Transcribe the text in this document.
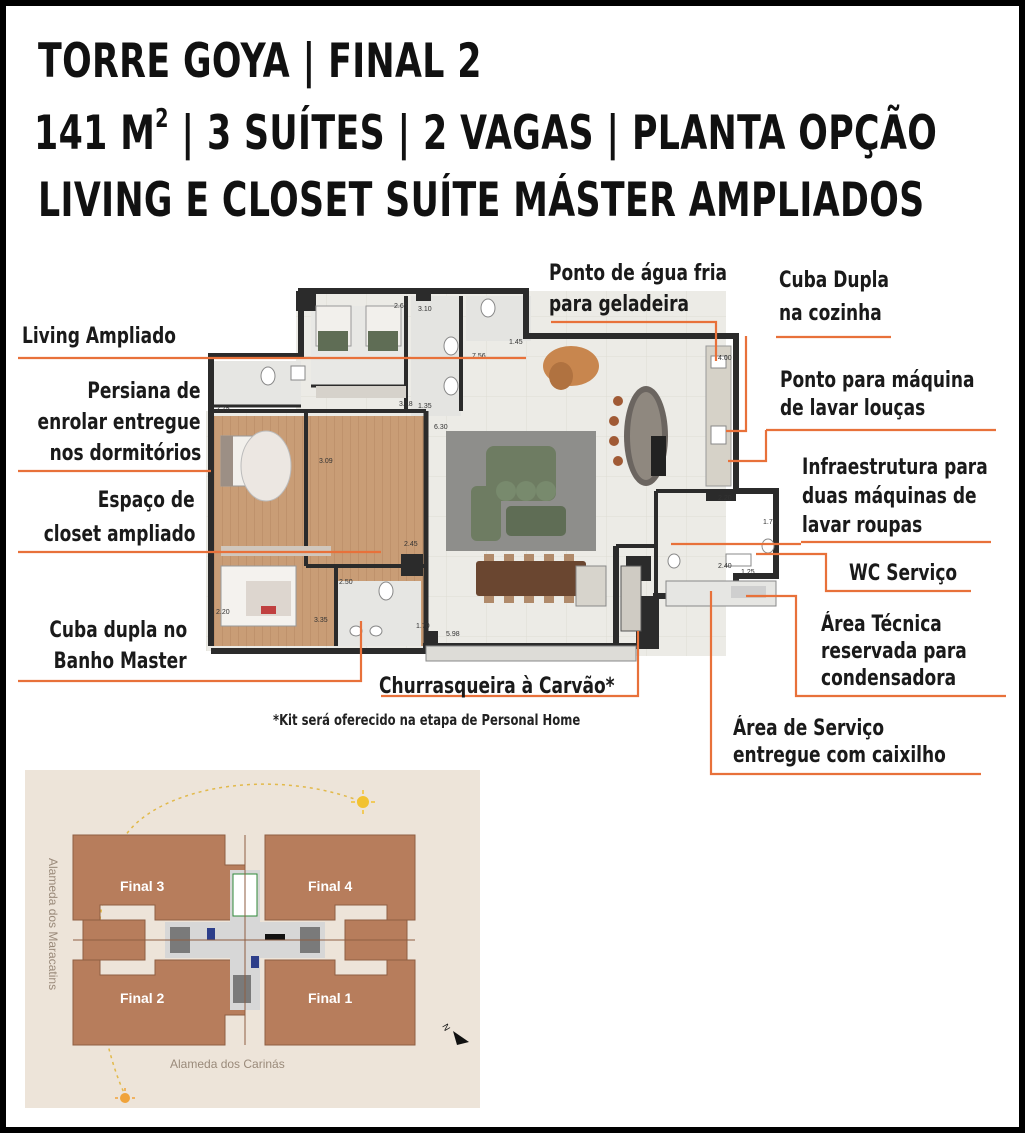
TORRE GOYA | FINAL 2
141 $M^2$ | 3 SUÍTES | 2 VAGAS | PLANTA OPÇÃO
LIVING E CLOSET SUÍTE MÁSTER AMPLIADOS
2.65 3.10
1.45
7.56	4.00
2.75
3.18 1.35
6.30
3.09
2.45
2.20
1.70
2.40
1.25
2.50
3.35
1.70
5.98
2.20
Living Ampliado
Persiana de
enrolar entregue
nos dormitórios
Espaço de
closet ampliado
Cuba dupla no
Banho Master
Ponto de água fria
para geladeira
Cuba Dupla
na cozinha
Ponto para máquina
de lavar louças
Infraestrutura para
duas máquinas de
lavar roupas
WC Serviço
Área Técnica
reservada para
condensadora
Churrasqueira à Carvão*
*Kit será oferecido na etapa de Personal Home	Área de Serviço
entregue com caixilho
Final 3	Final 4
Final 2	Final 1
Alameda dos Maracatins
Alameda dos Carinás
N
